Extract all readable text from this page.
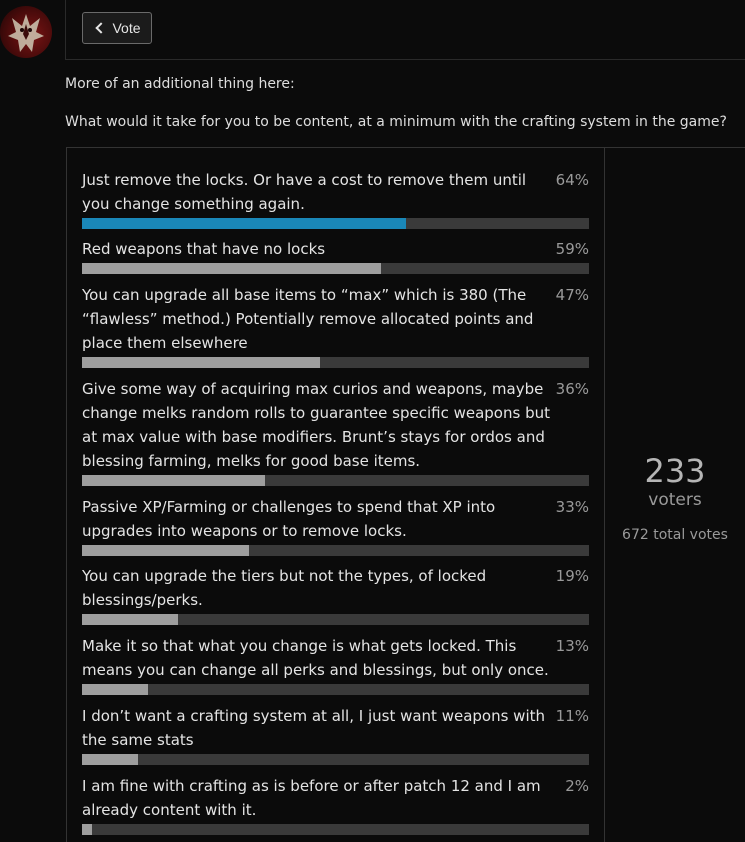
Vote
More of an additional thing here:
What would it take for you to be content, at a minimum with the crafting system in the game?
Just remove the locks. Or have a cost to remove them until you change something again.
64%
Red weapons that have no locks	59%
You can upgrade all base items to “max” which is 380 (The “flawless” method.) Potentially remove allocated points and place them elsewhere
47%
Give some way of acquiring max curios and weapons, maybe change melks random rolls to guarantee specific weapons but at max value with base modifiers. Brunt’s stays for ordos and blessing farming, melks for good base items.
36%
Passive XP/Farming or challenges to spend that XP into upgrades into weapons or to remove locks.
33%
You can upgrade the tiers but not the types, of locked blessings/perks.
19%
Make it so that what you change is what gets locked. This means you can change all perks and blessings, but only once.
13%
I don’t want a crafting system at all, I just want weapons with the same stats
11%
I am fine with crafting as is before or after patch 12 and I am already content with it.
2%
233
voters
672 total votes
